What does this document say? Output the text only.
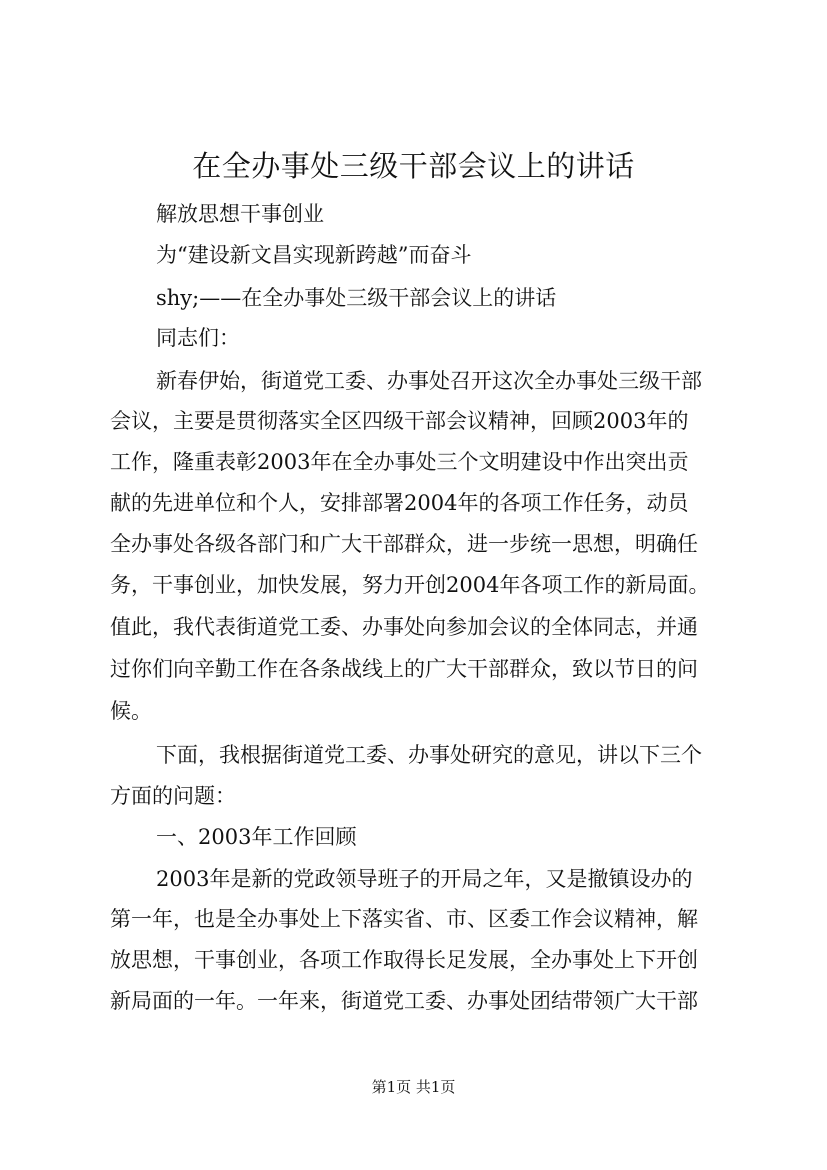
在全办事处三级干部会议上的讲话

解放思想干事创业

为“建设新文昌实现新跨越”而奋斗

shy;——在全办事处三级干部会议上的讲话

同志们：

新春伊始，街道党工委、办事处召开这次全办事处三级干部

会议，主要是贯彻落实全区四级干部会议精神，回顾2003年的

工作，隆重表彰2003年在全办事处三个文明建设中作出突出贡

献的先进单位和个人，安排部署2004年的各项工作任务，动员

全办事处各级各部门和广大干部群众，进一步统一思想，明确任

务，干事创业，加快发展，努力开创2004年各项工作的新局面。

值此，我代表街道党工委、办事处向参加会议的全体同志，并通

过你们向辛勤工作在各条战线上的广大干部群众，致以节日的问

候。

下面，我根据街道党工委、办事处研究的意见，讲以下三个

方面的问题：

一、2003年工作回顾

2003年是新的党政领导班子的开局之年，又是撤镇设办的

第一年，也是全办事处上下落实省、市、区委工作会议精神，解

放思想，干事创业，各项工作取得长足发展，全办事处上下开创

新局面的一年。一年来，街道党工委、办事处团结带领广大干部

第1页 共1页
